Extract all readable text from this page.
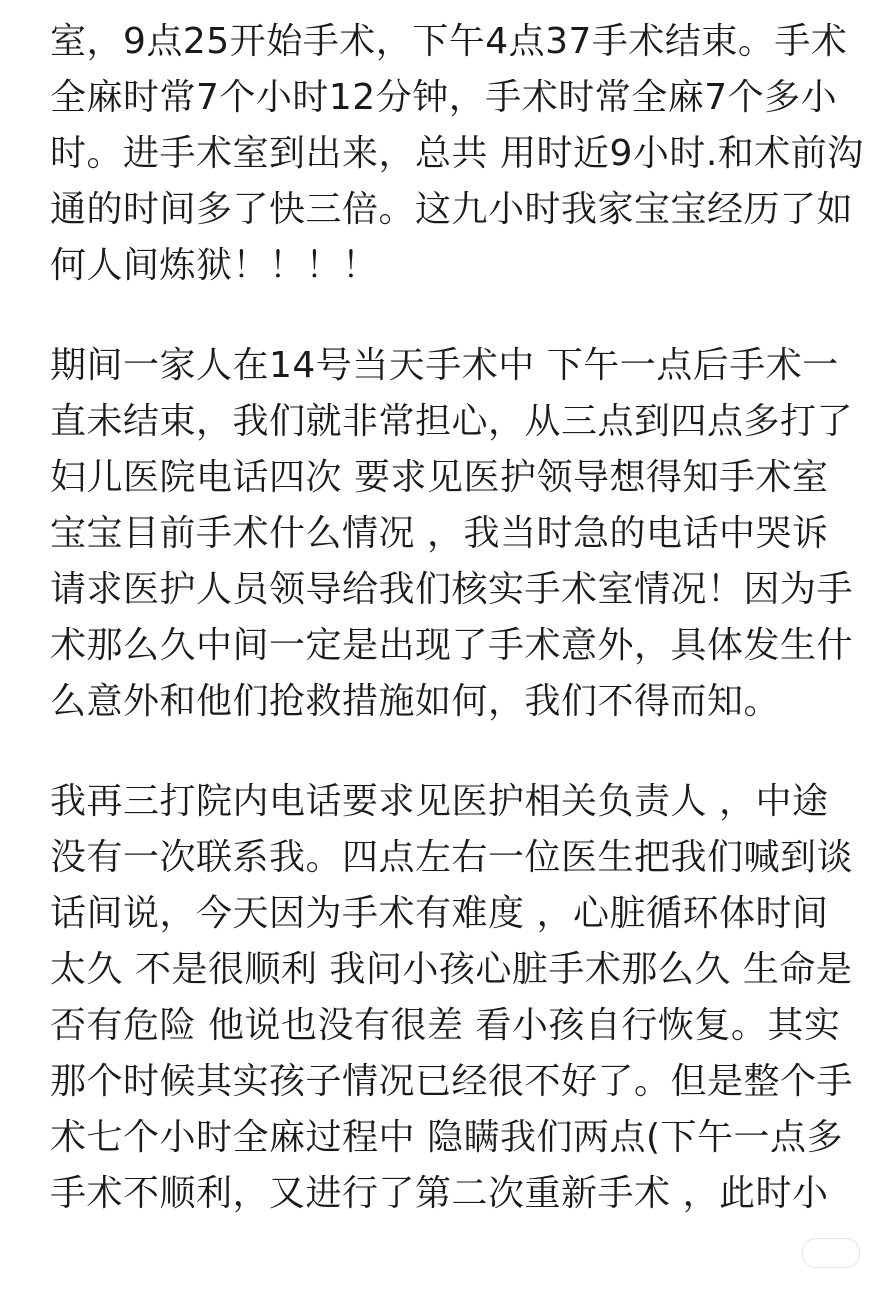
室，9点25开始手术，下午4点37手术结束。手术
全麻时常7个小时12分钟，手术时常全麻7个多小
时。进手术室到出来，总共 用时近9小时.和术前沟
通的时间多了快三倍。这九小时我家宝宝经历了如
何人间炼狱！！！！

期间一家人在14号当天手术中 下午一点后手术一
直未结束，我们就非常担心，从三点到四点多打了
妇儿医院电话四次 要求见医护领导想得知手术室
宝宝目前手术什么情况 ，我当时急的电话中哭诉
请求医护人员领导给我们核实手术室情况！因为手
术那么久中间一定是出现了手术意外，具体发生什
么意外和他们抢救措施如何，我们不得而知。

我再三打院内电话要求见医护相关负责人 ，中途
没有一次联系我。四点左右一位医生把我们喊到谈
话间说，今天因为手术有难度 ，心脏循环体时间
太久 不是很顺利 我问小孩心脏手术那么久 生命是
否有危险 他说也没有很差 看小孩自行恢复。其实
那个时候其实孩子情况已经很不好了。但是整个手
术七个小时全麻过程中 隐瞒我们两点(下午一点多
手术不顺利，又进行了第二次重新手术 ，此时小
